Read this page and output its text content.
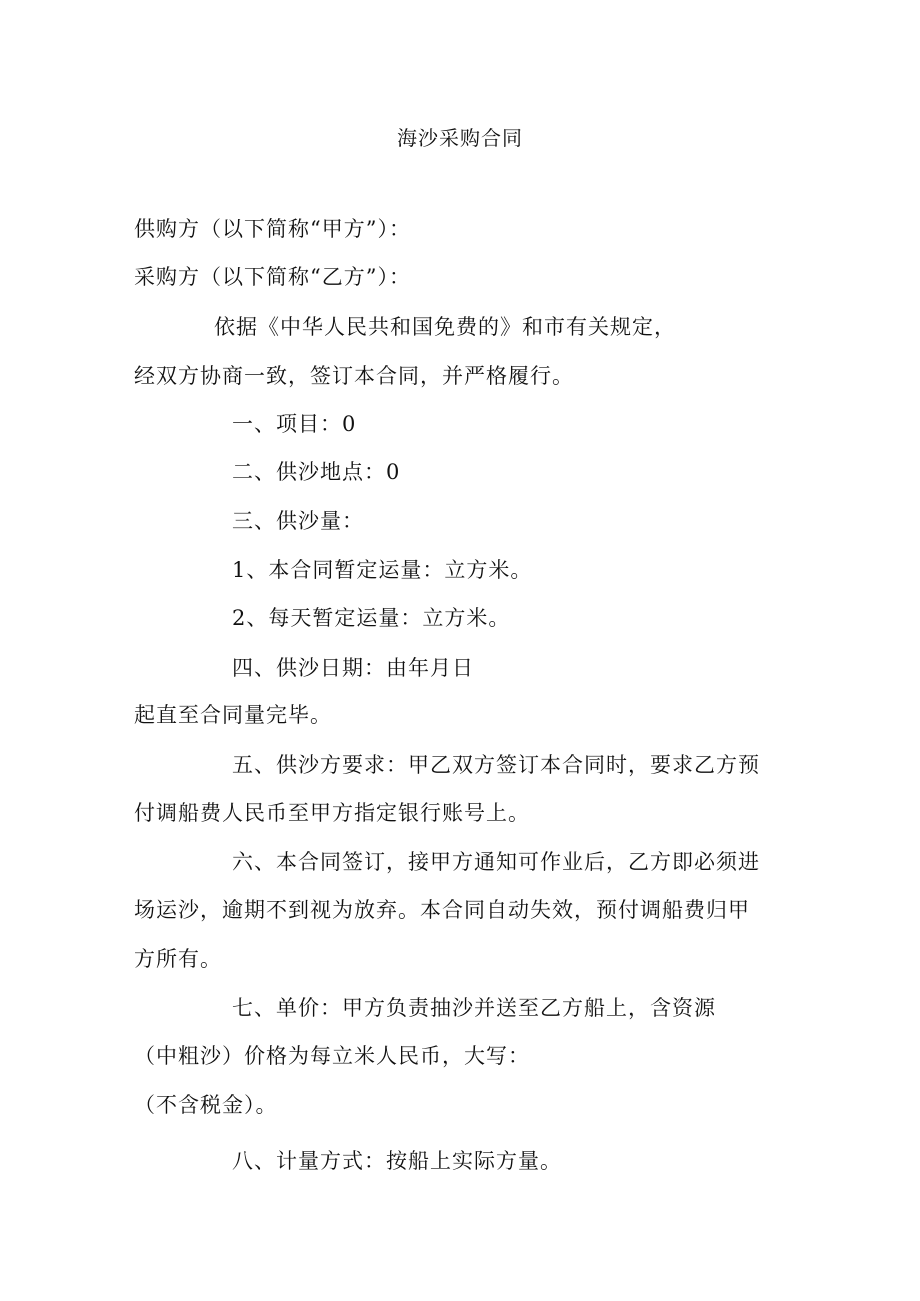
海沙采购合同
供购方（以下简称“甲方”）：
采购方（以下简称“乙方”）：
依据《中华人民共和国免费的》和市有关规定，
经双方协商一致，签订本合同，并严格履行。
一、项目：0
二、供沙地点：0
三、供沙量：
1、本合同暂定运量：立方米。
2、每天暂定运量：立方米。
四、供沙日期：由年月日
起直至合同量完毕。
五、供沙方要求：甲乙双方签订本合同时，要求乙方预
付调船费人民币至甲方指定银行账号上。
六、本合同签订，接甲方通知可作业后，乙方即必须进
场运沙，逾期不到视为放弃。本合同自动失效，预付调船费归甲
方所有。
七、单价：甲方负责抽沙并送至乙方船上，含资源
（中粗沙）价格为每立米人民币，大写：
（不含税金）。
八、计量方式：按船上实际方量。
